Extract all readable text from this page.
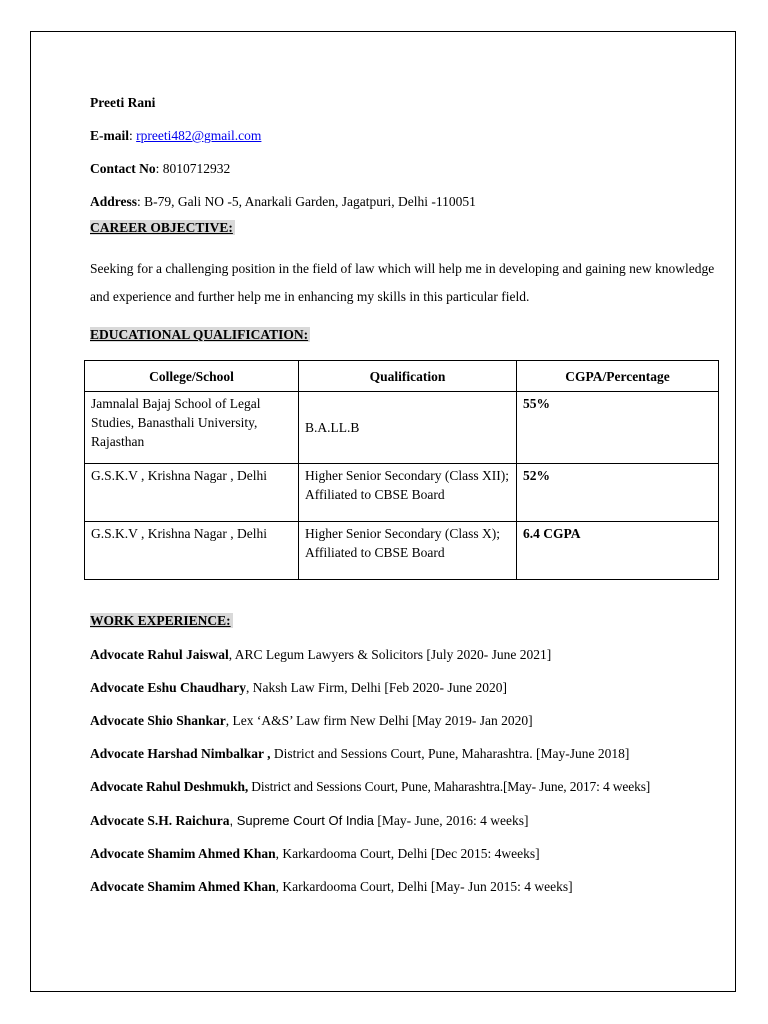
Preeti Rani
E-mail: rpreeti482@gmail.com
Contact No: 8010712932
Address: B-79, Gali NO -5, Anarkali Garden, Jagatpuri, Delhi -110051
CAREER OBJECTIVE:
Seeking for a challenging position in the field of law which will help me in developing and gaining new knowledge and experience and further help me in enhancing my skills in this particular field.
EDUCATIONAL QUALIFICATION:
College/School	Qualification	CGPA/Percentage
Jamnalal Bajaj School of Legal Studies, Banasthali University, Rajasthan	B.A.LL.B	55%
G.S.K.V , Krishna Nagar , Delhi	Higher Senior Secondary (Class XII); Affiliated to CBSE Board	52%
G.S.K.V , Krishna Nagar , Delhi	Higher Senior Secondary (Class X); Affiliated to CBSE Board	6.4 CGPA
WORK EXPERIENCE:
Advocate Rahul Jaiswal, ARC Legum Lawyers & Solicitors [July 2020- June 2021]
Advocate Eshu Chaudhary, Naksh Law Firm, Delhi [Feb 2020- June 2020]
Advocate Shio Shankar, Lex ‘A&S’ Law firm New Delhi [May 2019- Jan 2020]
Advocate Harshad Nimbalkar , District and Sessions Court, Pune, Maharashtra. [May-June 2018]
Advocate Rahul Deshmukh, District and Sessions Court, Pune, Maharashtra.[May- June, 2017: 4 weeks]
Advocate S.H. Raichura, Supreme Court Of India [May- June, 2016: 4 weeks]
Advocate Shamim Ahmed Khan, Karkardooma Court, Delhi [Dec 2015: 4weeks]
Advocate Shamim Ahmed Khan, Karkardooma Court, Delhi [May- Jun 2015: 4 weeks]
